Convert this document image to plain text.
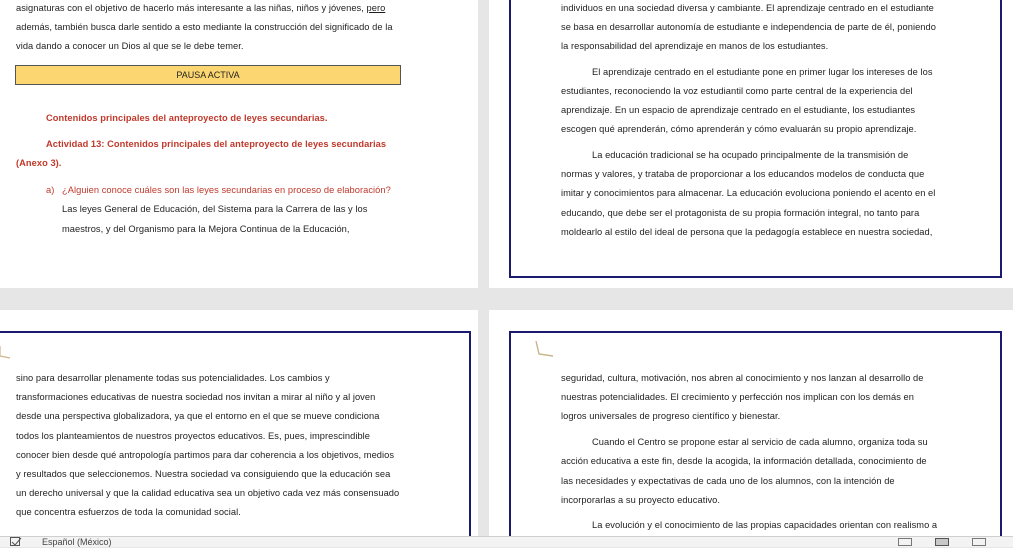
asignaturas con el objetivo de hacerlo más interesante a las niñas, niños y jóvenes, pero
además, también busca darle sentido a esto mediante la construcción del significado de la
vida dando a conocer un Dios al que se le debe temer.
PAUSA ACTIVA
Contenidos principales del anteproyecto de leyes secundarias.
Actividad 13: Contenidos principales del anteproyecto de leyes secundarias
(Anexo 3).
a) ¿Alguien conoce cuáles son las leyes secundarias en proceso de elaboración?
Las leyes General de Educación, del Sistema para la Carrera de las y los
maestros, y del Organismo para la Mejora Continua de la Educación,
individuos en una sociedad diversa y cambiante. El aprendizaje centrado en el estudiante
se basa en desarrollar autonomía de estudiante e independencia de parte de él, poniendo
la responsabilidad del aprendizaje en manos de los estudiantes.
El aprendizaje centrado en el estudiante pone en primer lugar los intereses de los
estudiantes, reconociendo la voz estudiantil como parte central de la experiencia del
aprendizaje. En un espacio de aprendizaje centrado en el estudiante, los estudiantes
escogen qué aprenderán, cómo aprenderán y cómo evaluarán su propio aprendizaje.
La educación tradicional se ha ocupado principalmente de la transmisión de
normas y valores, y trataba de proporcionar a los educandos modelos de conducta que
imitar y conocimientos para almacenar. La educación evoluciona poniendo el acento en el
educando, que debe ser el protagonista de su propia formación integral, no tanto para
moldearlo al estilo del ideal de persona que la pedagogía establece en nuestra sociedad,
sino para desarrollar plenamente todas sus potencialidades. Los cambios y
transformaciones educativas de nuestra sociedad nos invitan a mirar al niño y al joven
desde una perspectiva globalizadora, ya que el entorno en el que se mueve condiciona
todos los planteamientos de nuestros proyectos educativos. Es, pues, imprescindible
conocer bien desde qué antropología partimos para dar coherencia a los objetivos, medios
y resultados que seleccionemos. Nuestra sociedad va consiguiendo que la educación sea
un derecho universal y que la calidad educativa sea un objetivo cada vez más consensuado
que concentra esfuerzos de toda la comunidad social.
seguridad, cultura, motivación, nos abren al conocimiento y nos lanzan al desarrollo de
nuestras potencialidades. El crecimiento y perfección nos implican con los demás en
logros universales de progreso científico y bienestar.
Cuando el Centro se propone estar al servicio de cada alumno, organiza toda su
acción educativa a este fin, desde la acogida, la información detallada, conocimiento de
las necesidades y expectativas de cada uno de los alumnos, con la intención de
incorporarlas a su proyecto educativo.
La evolución y el conocimiento de las propias capacidades orientan con realismo a
Español (México)
